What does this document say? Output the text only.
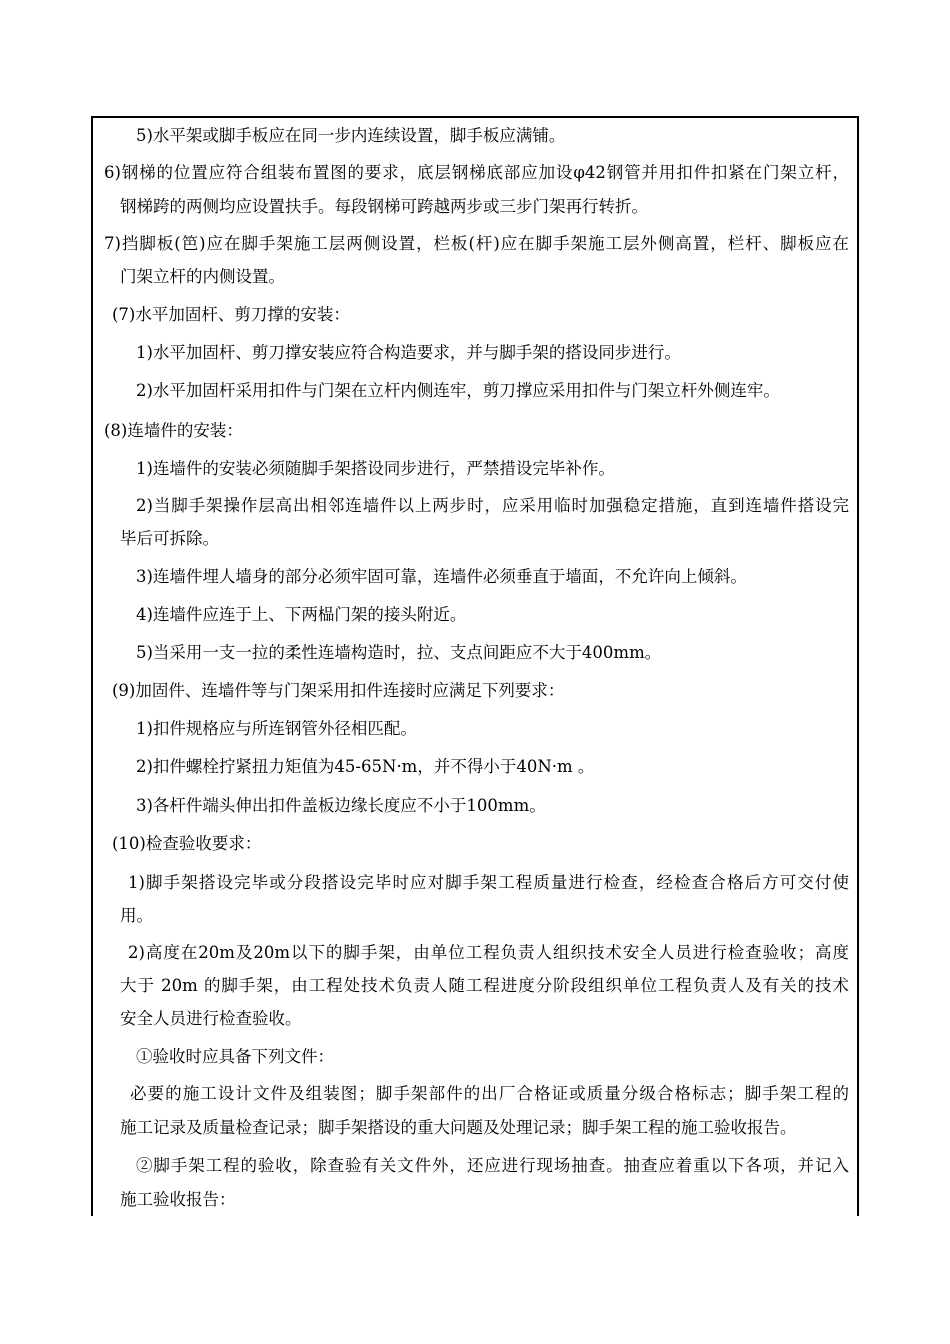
5)水平架或脚手板应在同一步内连续设置，脚手板应满铺。
6)钢梯的位置应符合组装布置图的要求，底层钢梯底部应加设φ42钢管并用扣件扣紧在门架立杆，
钢梯跨的两侧均应设置扶手。每段钢梯可跨越两步或三步门架再行转折。
7)挡脚板(笆)应在脚手架施工层两侧设置，栏板(杆)应在脚手架施工层外侧高置，栏杆、脚板应在
门架立杆的内侧设置。
(7)水平加固杆、剪刀撑的安装：
1)水平加固杆、剪刀撑安装应符合构造要求，并与脚手架的搭设同步进行。
2)水平加固杆采用扣件与门架在立杆内侧连牢，剪刀撑应采用扣件与门架立杆外侧连牢。
(8)连墙件的安装：
1)连墙件的安装必须随脚手架搭设同步进行，严禁措设完毕补作。
2)当脚手架操作层高出相邻连墙件以上两步时，应采用临时加强稳定措施，直到连墙件搭设完
毕后可拆除。
3)连墙件埋人墙身的部分必须牢固可靠，连墙件必须垂直于墙面，不允许向上倾斜。
4)连墙件应连于上、下两榀门架的接头附近。
5)当采用一支一拉的柔性连墙构造时，拉、支点间距应不大于400mm。
(9)加固件、连墙件等与门架采用扣件连接时应满足下列要求：
1)扣件规格应与所连钢管外径相匹配。
2)扣件螺栓拧紧扭力矩值为45-65N·m，并不得小于40N·m 。
3)各杆件端头伸出扣件盖板边缘长度应不小于100mm。
(10)检查验收要求：
1)脚手架搭设完毕或分段搭设完毕时应对脚手架工程质量进行检查，经检查合格后方可交付使
用。
2)高度在20m及20m以下的脚手架，由单位工程负责人组织技术安全人员进行检查验收；高度
大于 20m 的脚手架，由工程处技术负责人随工程进度分阶段组织单位工程负责人及有关的技术
安全人员进行检查验收。
①验收时应具备下列文件：
必要的施工设计文件及组装图；脚手架部件的出厂合格证或质量分级合格标志；脚手架工程的
施工记录及质量检查记录；脚手架搭设的重大问题及处理记录；脚手架工程的施工验收报告。
②脚手架工程的验收，除查验有关文件外，还应进行现场抽查。抽查应着重以下各项，并记入
施工验收报告：
